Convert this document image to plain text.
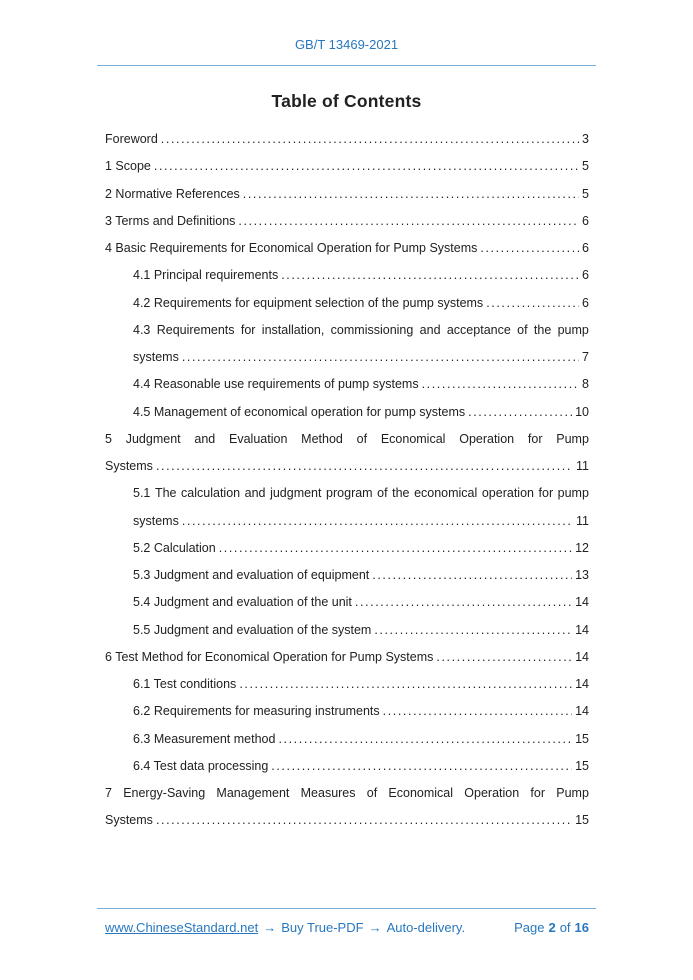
GB/T 13469-2021
Table of Contents
Foreword .....	3
1 Scope .....	5
2 Normative References .....	5
3 Terms and Definitions .....	6
4 Basic Requirements for Economical Operation for Pump Systems .....	6
4.1 Principal requirements .....	6
4.2 Requirements for equipment selection of the pump systems .....	6
4.3 Requirements for installation, commissioning and acceptance of the pump
systems .....	7
4.4 Reasonable use requirements of pump systems .....	8
4.5 Management of economical operation for pump systems .....	10
5 Judgment and Evaluation Method of Economical Operation for Pump
Systems .....	11
5.1 The calculation and judgment program of the economical operation for pump
systems .....	11
5.2 Calculation .....	12
5.3 Judgment and evaluation of equipment .....	13
5.4 Judgment and evaluation of the unit .....	14
5.5 Judgment and evaluation of the system .....	14
6 Test Method for Economical Operation for Pump Systems .....	14
6.1 Test conditions .....	14
6.2 Requirements for measuring instruments .....	14
6.3 Measurement method .....	15
6.4 Test data processing .....	15
7 Energy-Saving Management Measures of Economical Operation for Pump
Systems .....	15
www.ChineseStandard.net → Buy True-PDF → Auto-delivery.	Page 2 of 16
